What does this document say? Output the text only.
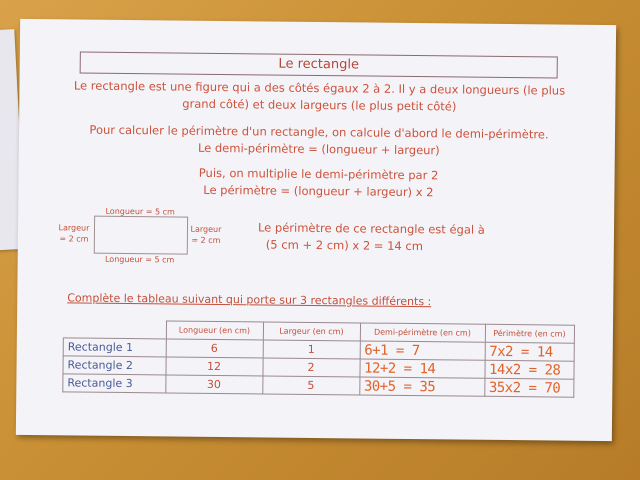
Le rectangle
Le rectangle est une figure qui a des côtés égaux 2 à 2. Il y a deux longueurs (le plus grand côté) et deux largeurs (le plus petit côté)
Pour calculer le périmètre d'un rectangle, on calcule d'abord le demi-périmètre.
Le demi-périmètre = (longueur + largeur)
Puis, on multiplie le demi-périmètre par 2
Le périmètre = (longueur + largeur) x 2
Longueur = 5 cm
Longueur = 5 cm
Largeur
= 2 cm
Largeur
= 2 cm
Le périmètre de ce rectangle est égal à
(5 cm + 2 cm) x 2 = 14 cm
Complète le tableau suivant qui porte sur 3 rectangles différents :
	Longueur (en cm)	Largeur (en cm)	Demi-périmètre (en cm)	Périmètre (en cm)
Rectangle 1	6	1	6+1 = 7	7x2 = 14
Rectangle 2	12	2	12+2 = 14	14x2 = 28
Rectangle 3	30	5	30+5 = 35	35x2 = 70
